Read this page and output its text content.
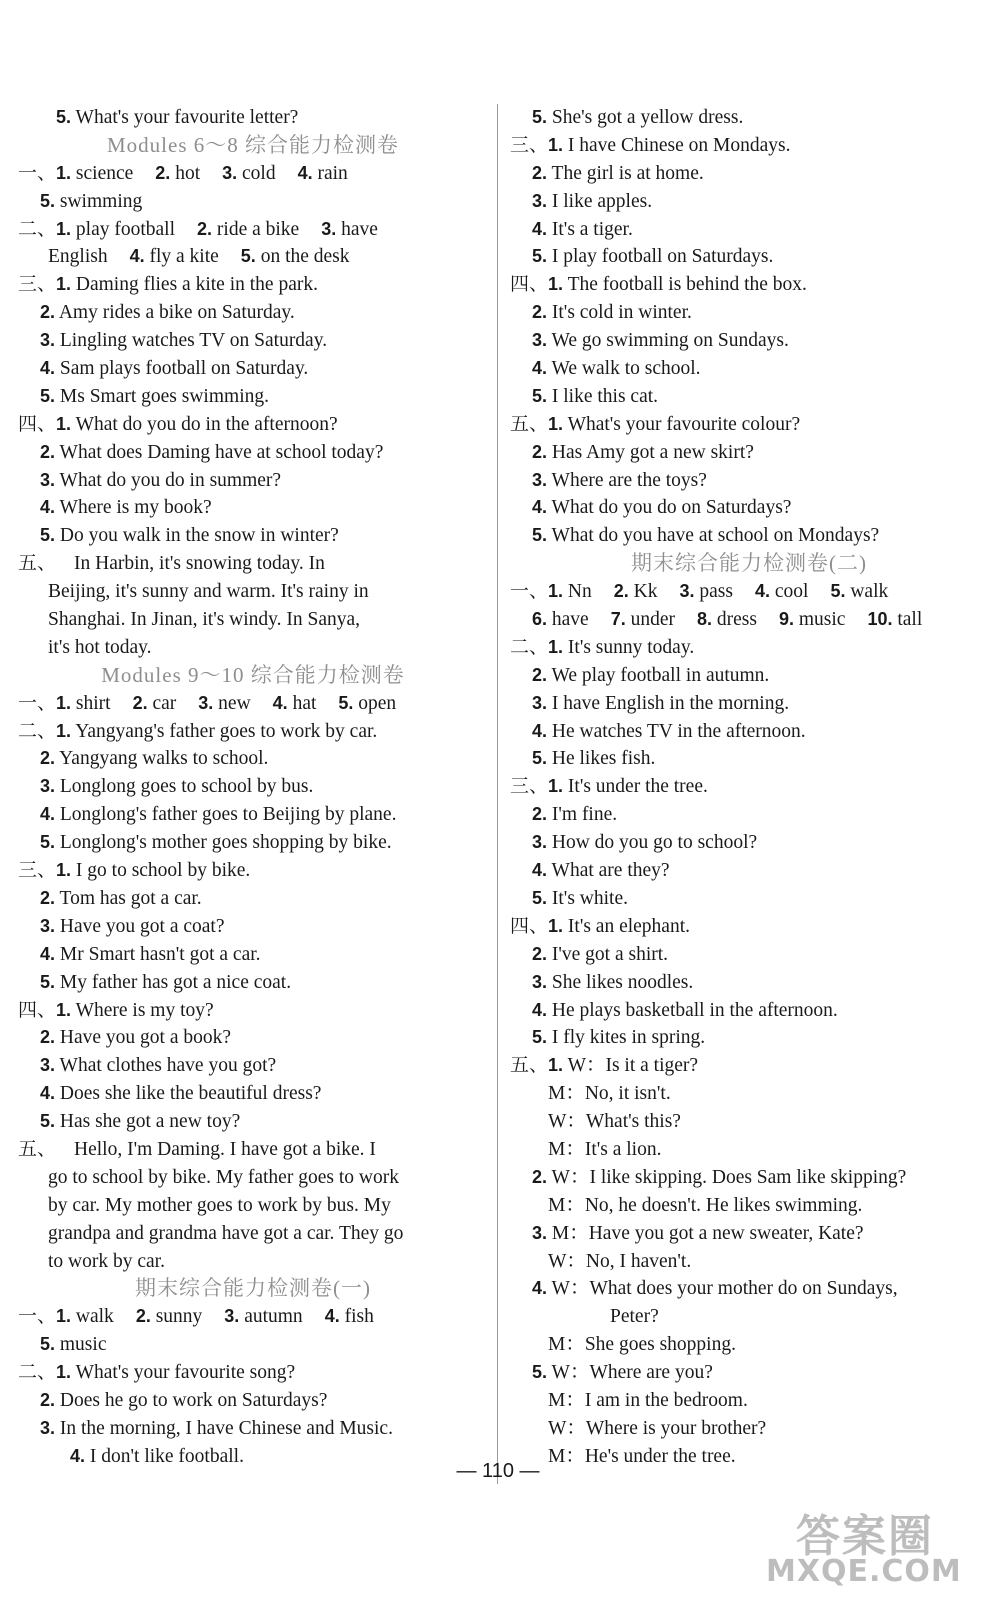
5. What's your favourite letter?
Modules 6～8 综合能力检测卷
一、1. science 2. hot 3. cold 4. rain
5. swimming
二、1. play football 2. ride a bike 3. have
English 4. fly a kite 5. on the desk
三、1. Daming flies a kite in the park.
2. Amy rides a bike on Saturday.
3. Lingling watches TV on Saturday.
4. Sam plays football on Saturday.
5. Ms Smart goes swimming.
四、1. What do you do in the afternoon?
2. What does Daming have at school today?
3. What do you do in summer?
4. Where is my book?
5. Do you walk in the snow in winter?
五、 In Harbin, it's snowing today. In
Beijing, it's sunny and warm. It's rainy in
Shanghai. In Jinan, it's windy. In Sanya,
it's hot today.
Modules 9～10 综合能力检测卷
一、1. shirt 2. car 3. new 4. hat 5. open
二、1. Yangyang's father goes to work by car.
2. Yangyang walks to school.
3. Longlong goes to school by bus.
4. Longlong's father goes to Beijing by plane.
5. Longlong's mother goes shopping by bike.
三、1. I go to school by bike.
2. Tom has got a car.
3. Have you got a coat?
4. Mr Smart hasn't got a car.
5. My father has got a nice coat.
四、1. Where is my toy?
2. Have you got a book?
3. What clothes have you got?
4. Does she like the beautiful dress?
5. Has she got a new toy?
五、 Hello, I'm Daming. I have got a bike. I
go to school by bike. My father goes to work
by car. My mother goes to work by bus. My
grandpa and grandma have got a car. They go
to work by car.
期末综合能力检测卷(一)
一、1. walk 2. sunny 3. autumn 4. fish
5. music
二、1. What's your favourite song?
2. Does he go to work on Saturdays?
3. In the morning, I have Chinese and Music.
4. I don't like football.
5. She's got a yellow dress.
三、1. I have Chinese on Mondays.
2. The girl is at home.
3. I like apples.
4. It's a tiger.
5. I play football on Saturdays.
四、1. The football is behind the box.
2. It's cold in winter.
3. We go swimming on Sundays.
4. We walk to school.
5. I like this cat.
五、1. What's your favourite colour?
2. Has Amy got a new skirt?
3. Where are the toys?
4. What do you do on Saturdays?
5. What do you have at school on Mondays?
期末综合能力检测卷(二)
一、1. Nn 2. Kk 3. pass 4. cool 5. walk
6. have 7. under 8. dress 9. music 10. tall
二、1. It's sunny today.
2. We play football in autumn.
3. I have English in the morning.
4. He watches TV in the afternoon.
5. He likes fish.
三、1. It's under the tree.
2. I'm fine.
3. How do you go to school?
4. What are they?
5. It's white.
四、1. It's an elephant.
2. I've got a shirt.
3. She likes noodles.
4. He plays basketball in the afternoon.
5. I fly kites in spring.
五、1. W：Is it a tiger?
M：No, it isn't.
W：What's this?
M：It's a lion.
2. W：I like skipping. Does Sam like skipping?
M：No, he doesn't. He likes swimming.
3. M：Have you got a new sweater, Kate?
W：No, I haven't.
4. W：What does your mother do on Sundays,
Peter?
M：She goes shopping.
5. W：Where are you?
M：I am in the bedroom.
W：Where is your brother?
M：He's under the tree.
— 110 —
答案圈
MXQE.COM
